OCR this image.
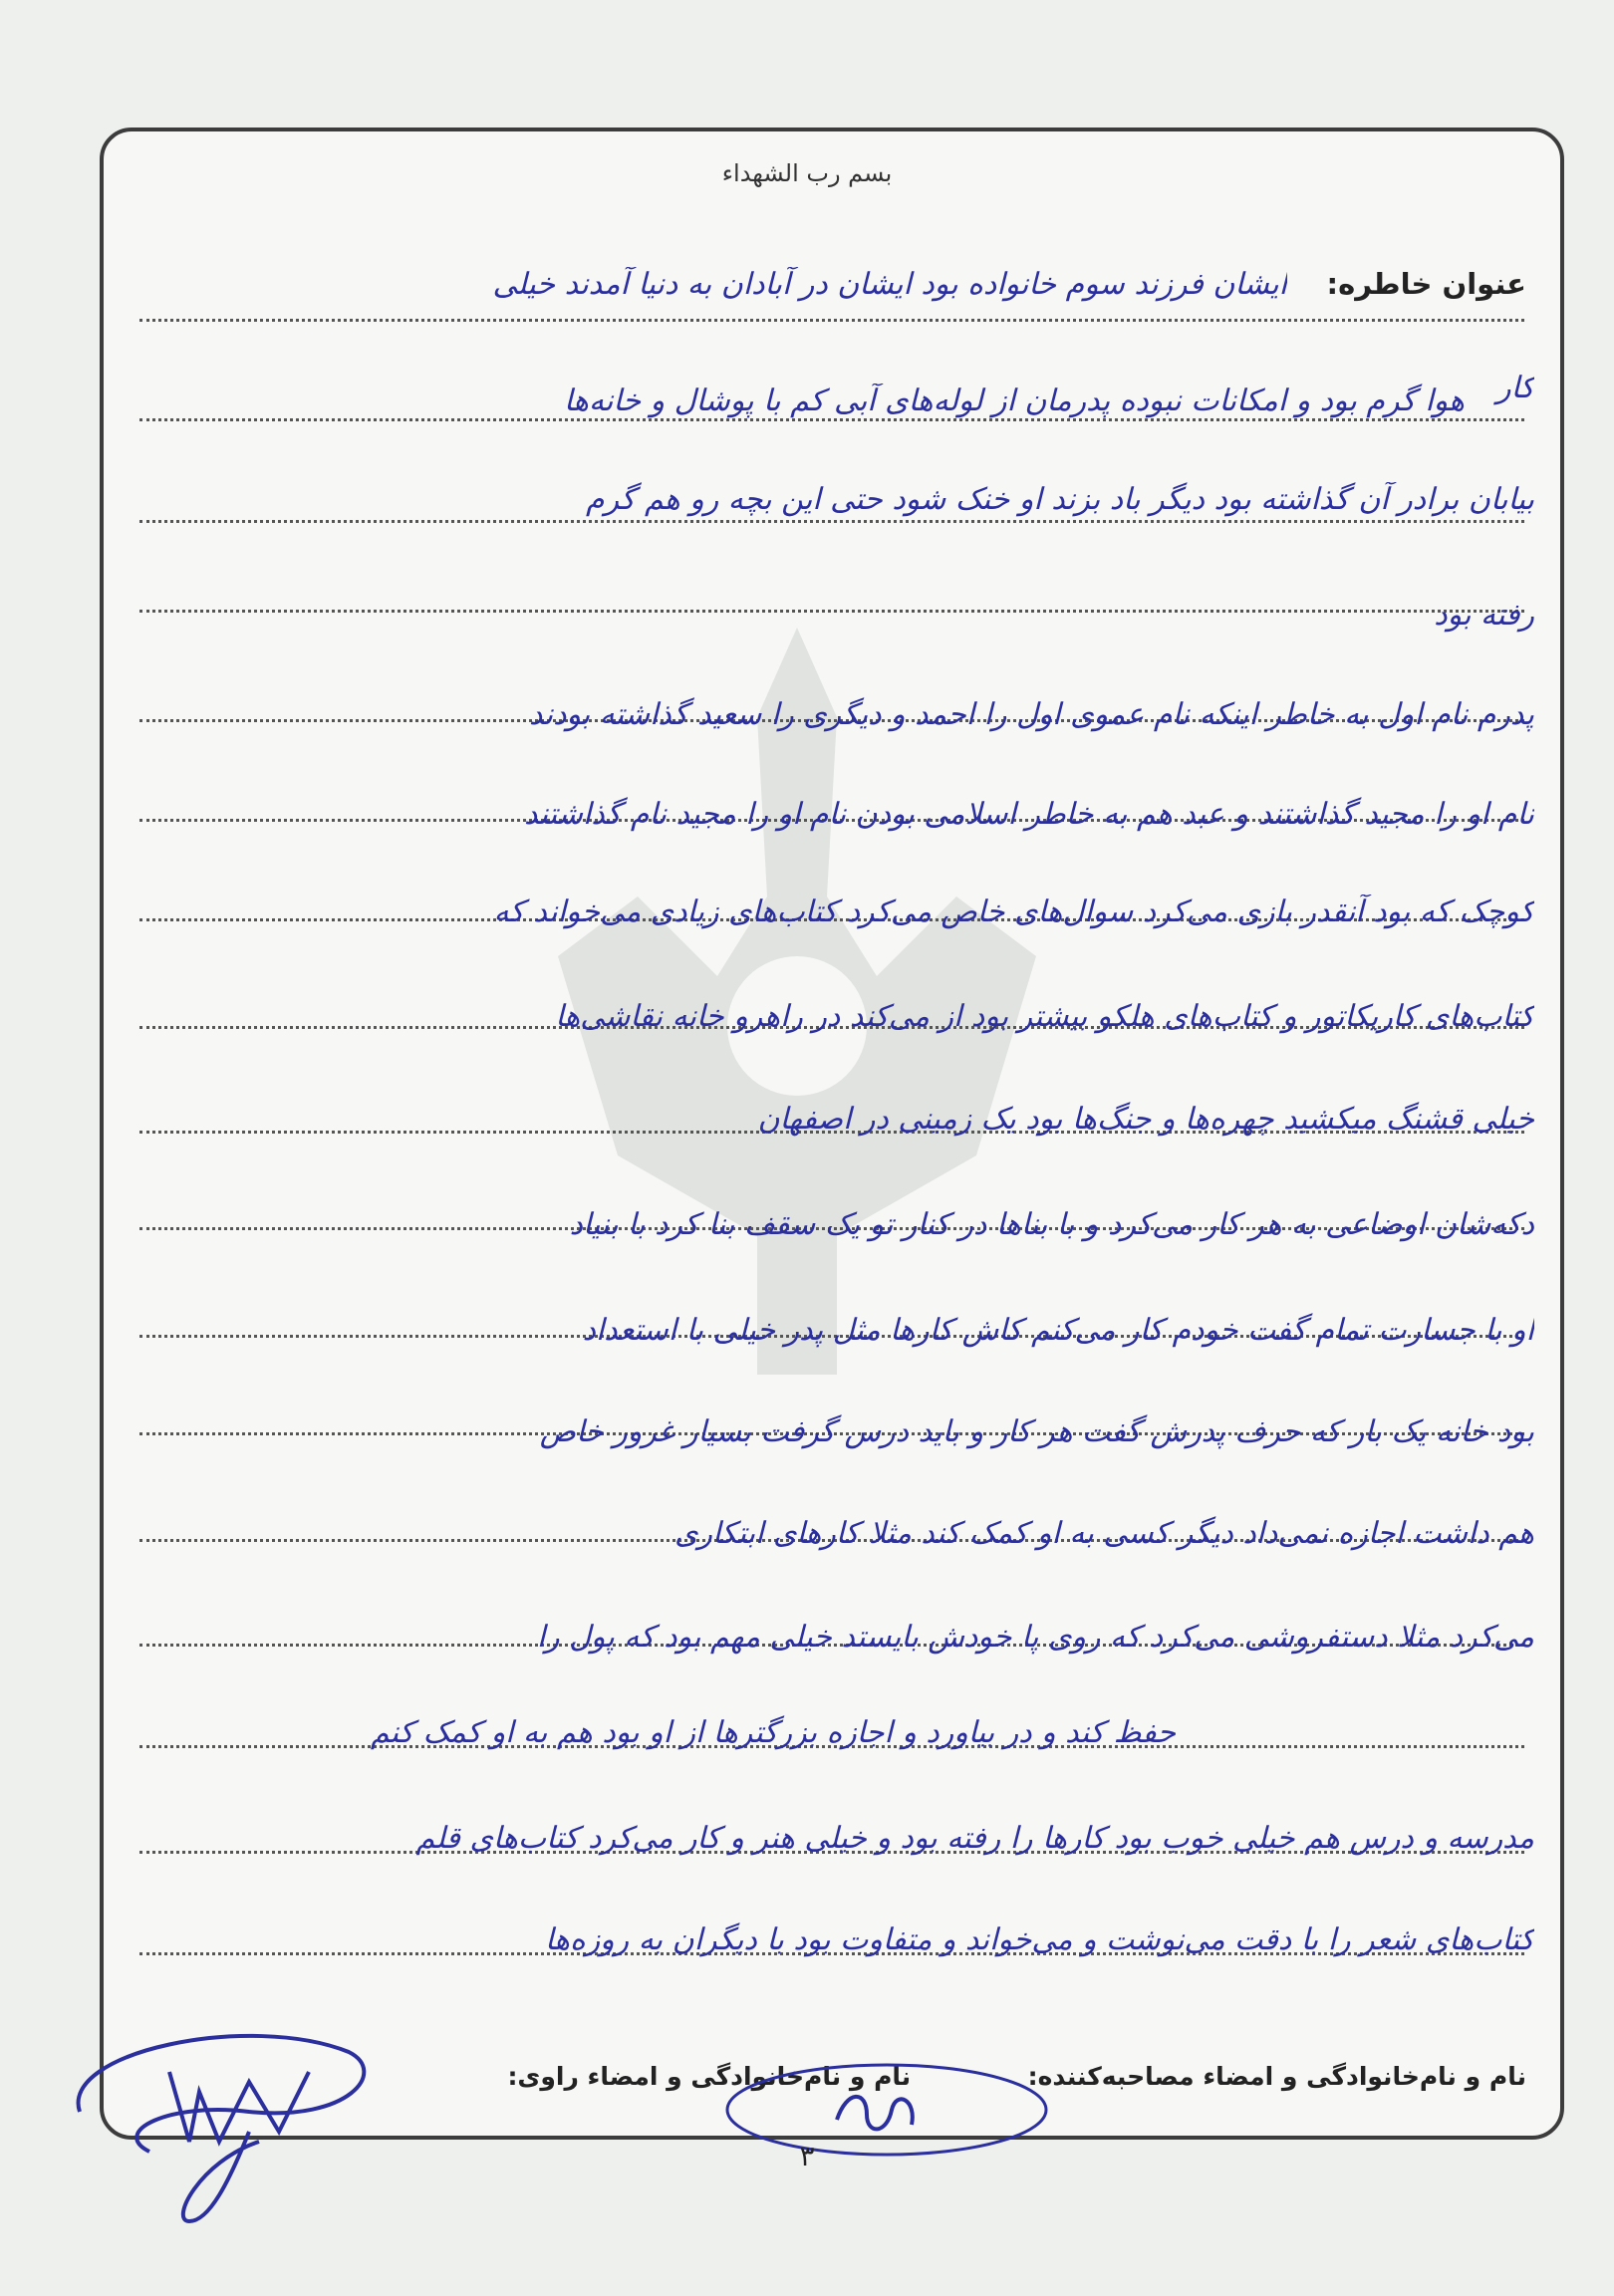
بسم رب الشهداء
عنوان خاطره:
ایشان فرزند سوم خانواده بود ایشان در آبادان به دنیا آمدند خیلی
هوا گرم بود و امکانات نبوده پدرمان از لوله‌های آبی کم با پوشال و خانه‌ها	کار
بیابان برادر آن گذاشته بود دیگر باد بزند او خنک شود حتی این بچه رو هم گرم
رفته بود
پدرم نام اول به خاطر اینکه نام عموی اول را احمد و دیگری را سعید گذاشته بودند
نام او را مجید گذاشتند و عبد هم به خاطر اسلامی بودن نام او را مجید نام گذاشتند
کوچک که بود آنقدر بازی می‌کرد سوال‌های خاص می‌کرد کتاب‌های زیادی می‌خواند که
کتاب‌های کاریکاتور و کتاب‌های هلکو بیشتر بود از می‌کند در راهرو خانه نقاشی‌ها
خیلی قشنگ میکشید چهره‌ها و جنگ‌ها بود یک زمینی در اصفهان
دکه‌شان اوضاعی به هر کار می‌کرد و با بناها در کنار تو یک سقف بنا کرد با بنیاد
او با جسارت تمام گفت خودم کار می‌کنم کاش کارها مثل پدر خیلی با استعداد
بود خانه یک بار که حرف پدرش گفت هر کار و باید درس گرفت بسیار غرور خاص
هم داشت اجازه نمی‌داد دیگر کسی به او کمک کند مثلا کارهای ابتکاری
می‌کرد مثلا دستفروشی می‌کرد که روی پا خودش بایستد خیلی مهم بود که پول را
حفظ کند و در بیاورد و اجازه بزرگترها از او بود هم به او کمک کنم
مدرسه و درس هم خیلی خوب بود کارها را رفته بود و خیلی هنر و کار می‌کرد کتاب‌های قلم
کتاب‌های شعر را با دقت می‌نوشت و می‌خواند و متفاوت بود با دیگران به روزه‌ها
نام و نام‌خانوادگی و امضاء مصاحبه‌کننده:  نام و نام‌خانوادگی و امضاء راوی:
۳
